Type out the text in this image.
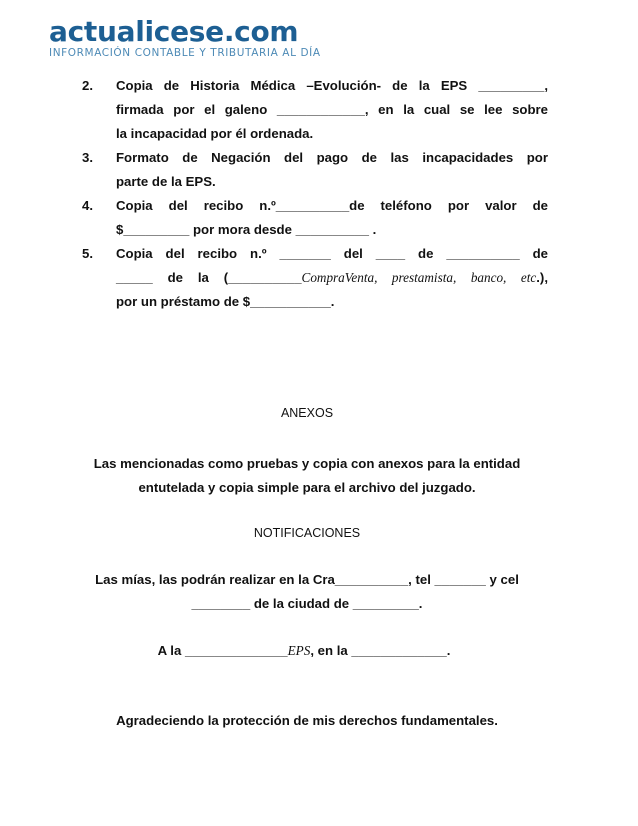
actualicese.com
INFORMACIÓN CONTABLE Y TRIBUTARIA AL DÍA
2. Copia de Historia Médica –Evolución- de la EPS _________,
firmada por el galeno ____________, en la cual se lee sobre
la incapacidad por él ordenada.
3. Formato de Negación del pago de las incapacidades por
parte de la EPS.
4. Copia del recibo n.º__________de teléfono por valor de
$_________ por mora desde __________ .
5. Copia del recibo n.º _______ del ____ de __________ de
_____ de la (__________CompraVenta, prestamista, banco, etc.),
por un préstamo de $___________.
ANEXOS
Las mencionadas como pruebas y copia con anexos para la entidad
entutelada y copia simple para el archivo del juzgado.
NOTIFICACIONES
Las mías, las podrán realizar en la Cra__________, tel _______ y cel
________ de la ciudad de _________.
A la ______________EPS, en la _____________.
Agradeciendo la protección de mis derechos fundamentales.
